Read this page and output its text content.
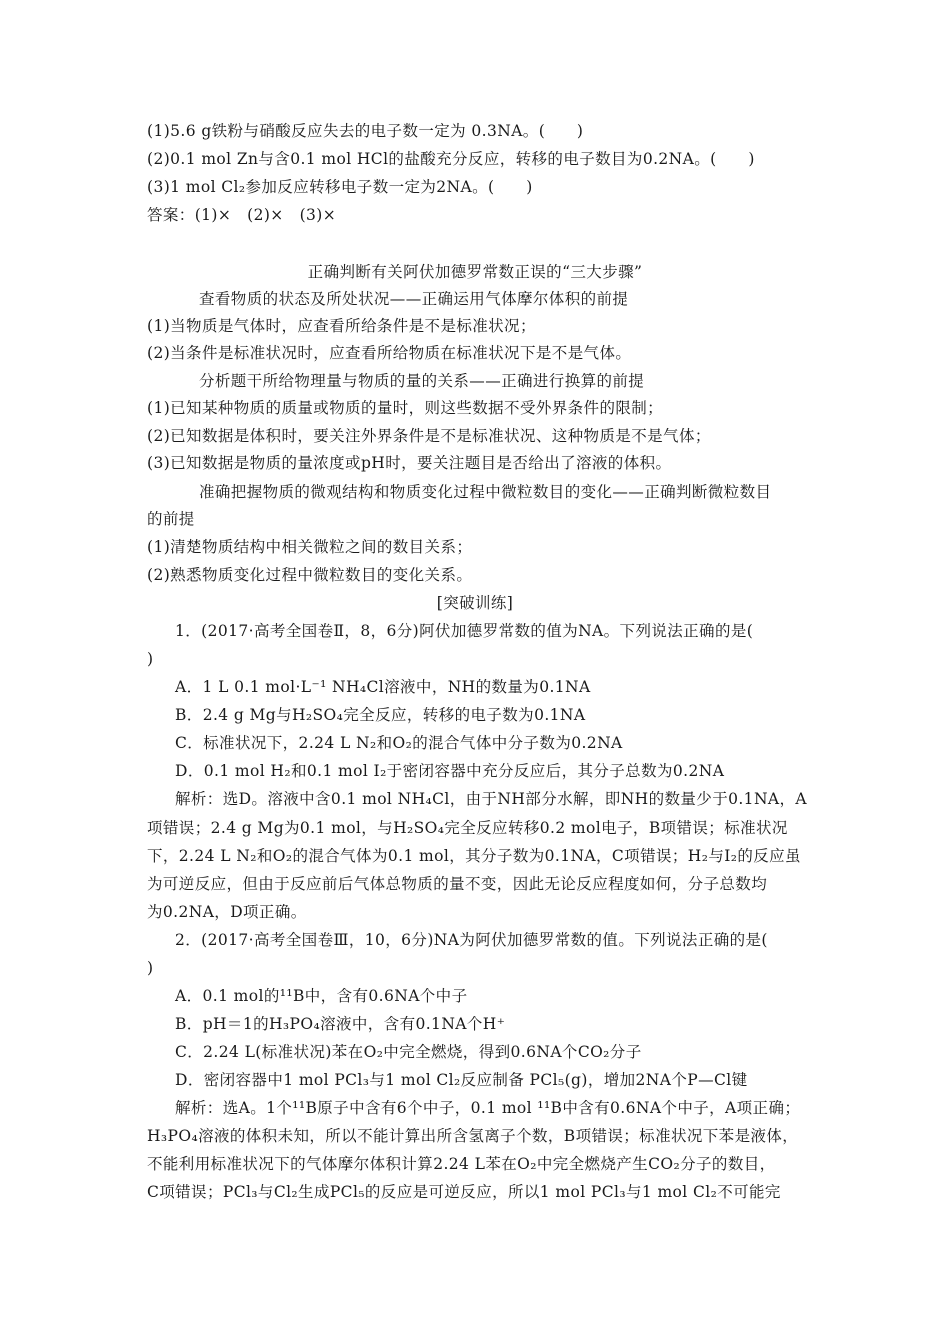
(1)5.6 g铁粉与硝酸反应失去的电子数一定为 0.3NA。(　　)
(2)0.1 mol Zn与含0.1 mol HCl的盐酸充分反应，转移的电子数目为0.2NA。(　　)
(3)1 mol Cl₂参加反应转移电子数一定为2NA。(　　)
答案：(1)×　(2)×　(3)×
正确判断有关阿伏加德罗常数正误的“三大步骤”
查看物质的状态及所处状况——正确运用气体摩尔体积的前提
(1)当物质是气体时，应查看所给条件是不是标准状况；
(2)当条件是标准状况时，应查看所给物质在标准状况下是不是气体。
分析题干所给物理量与物质的量的关系——正确进行换算的前提
(1)已知某种物质的质量或物质的量时，则这些数据不受外界条件的限制；
(2)已知数据是体积时，要关注外界条件是不是标准状况、这种物质是不是气体；
(3)已知数据是物质的量浓度或pH时，要关注题目是否给出了溶液的体积。
准确把握物质的微观结构和物质变化过程中微粒数目的变化——正确判断微粒数目
的前提
(1)清楚物质结构中相关微粒之间的数目关系；
(2)熟悉物质变化过程中微粒数目的变化关系。
[突破训练]
1．(2017·高考全国卷Ⅱ，8，6分)阿伏加德罗常数的值为NA。下列说法正确的是(
)
A．1 L 0.1 mol·L⁻¹ NH₄Cl溶液中，NH的数量为0.1NA
B．2.4 g Mg与H₂SO₄完全反应，转移的电子数为0.1NA
C．标准状况下，2.24 L N₂和O₂的混合气体中分子数为0.2NA
D．0.1 mol H₂和0.1 mol I₂于密闭容器中充分反应后，其分子总数为0.2NA
解析：选D。溶液中含0.1 mol NH₄Cl，由于NH部分水解，即NH的数量少于0.1NA，A
项错误；2.4 g Mg为0.1 mol，与H₂SO₄完全反应转移0.2 mol电子，B项错误；标准状况
下，2.24 L N₂和O₂的混合气体为0.1 mol，其分子数为0.1NA，C项错误；H₂与I₂的反应虽
为可逆反应，但由于反应前后气体总物质的量不变，因此无论反应程度如何，分子总数均
为0.2NA，D项正确。
2．(2017·高考全国卷Ⅲ，10，6分)NA为阿伏加德罗常数的值。下列说法正确的是(
)
A．0.1 mol的¹¹B中，含有0.6NA个中子
B．pH＝1的H₃PO₄溶液中，含有0.1NA个H⁺
C．2.24 L(标准状况)苯在O₂中完全燃烧，得到0.6NA个CO₂分子
D．密闭容器中1 mol PCl₃与1 mol Cl₂反应制备 PCl₅(g)，增加2NA个P—Cl键
解析：选A。1个¹¹B原子中含有6个中子，0.1 mol ¹¹B中含有0.6NA个中子，A项正确；
H₃PO₄溶液的体积未知，所以不能计算出所含氢离子个数，B项错误；标准状况下苯是液体，
不能利用标准状况下的气体摩尔体积计算2.24 L苯在O₂中完全燃烧产生CO₂分子的数目，
C项错误；PCl₃与Cl₂生成PCl₅的反应是可逆反应，所以1 mol PCl₃与1 mol Cl₂不可能完
